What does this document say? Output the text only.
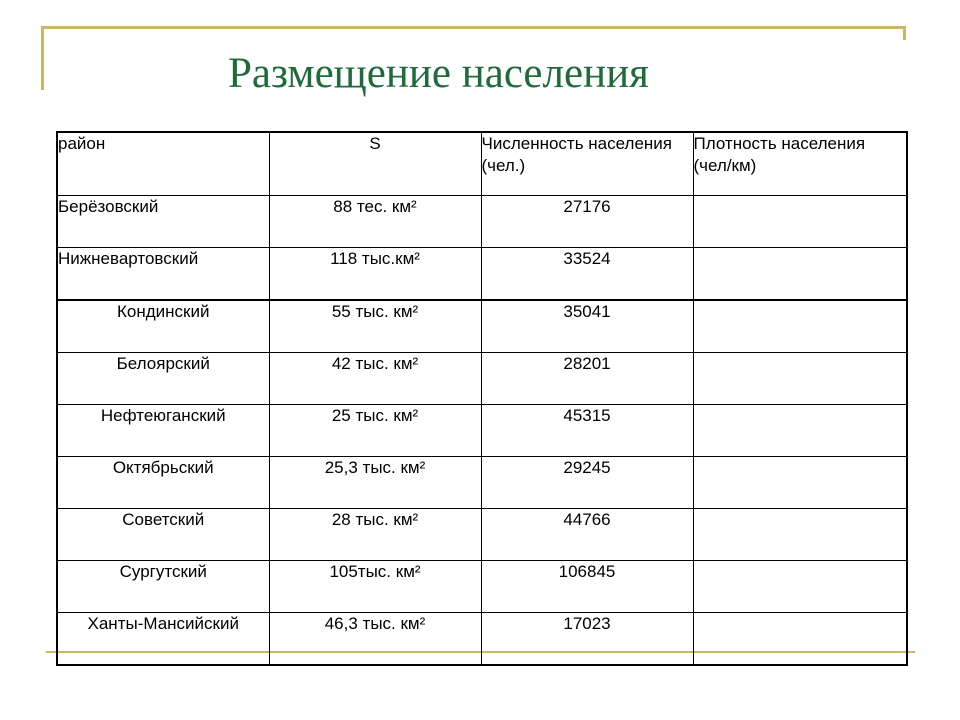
Размещение населения
район	S	Численность населения (чел.)	Плотность населения (чел/км)
Берёзовский	88 тес. км²	27176	
Нижневартовский	118 тыс.км²	33524	
Кондинский	55 тыс. км²	35041	
Белоярский	42 тыс. км²	28201	
Нефтеюганский	25 тыс. км²	45315	
Октябрьский	25,3 тыс. км²	29245	
Советский	28 тыс. км²	44766	
Сургутский	105тыс. км²	106845	
Ханты-Мансийский	46,3 тыс. км²	17023	
